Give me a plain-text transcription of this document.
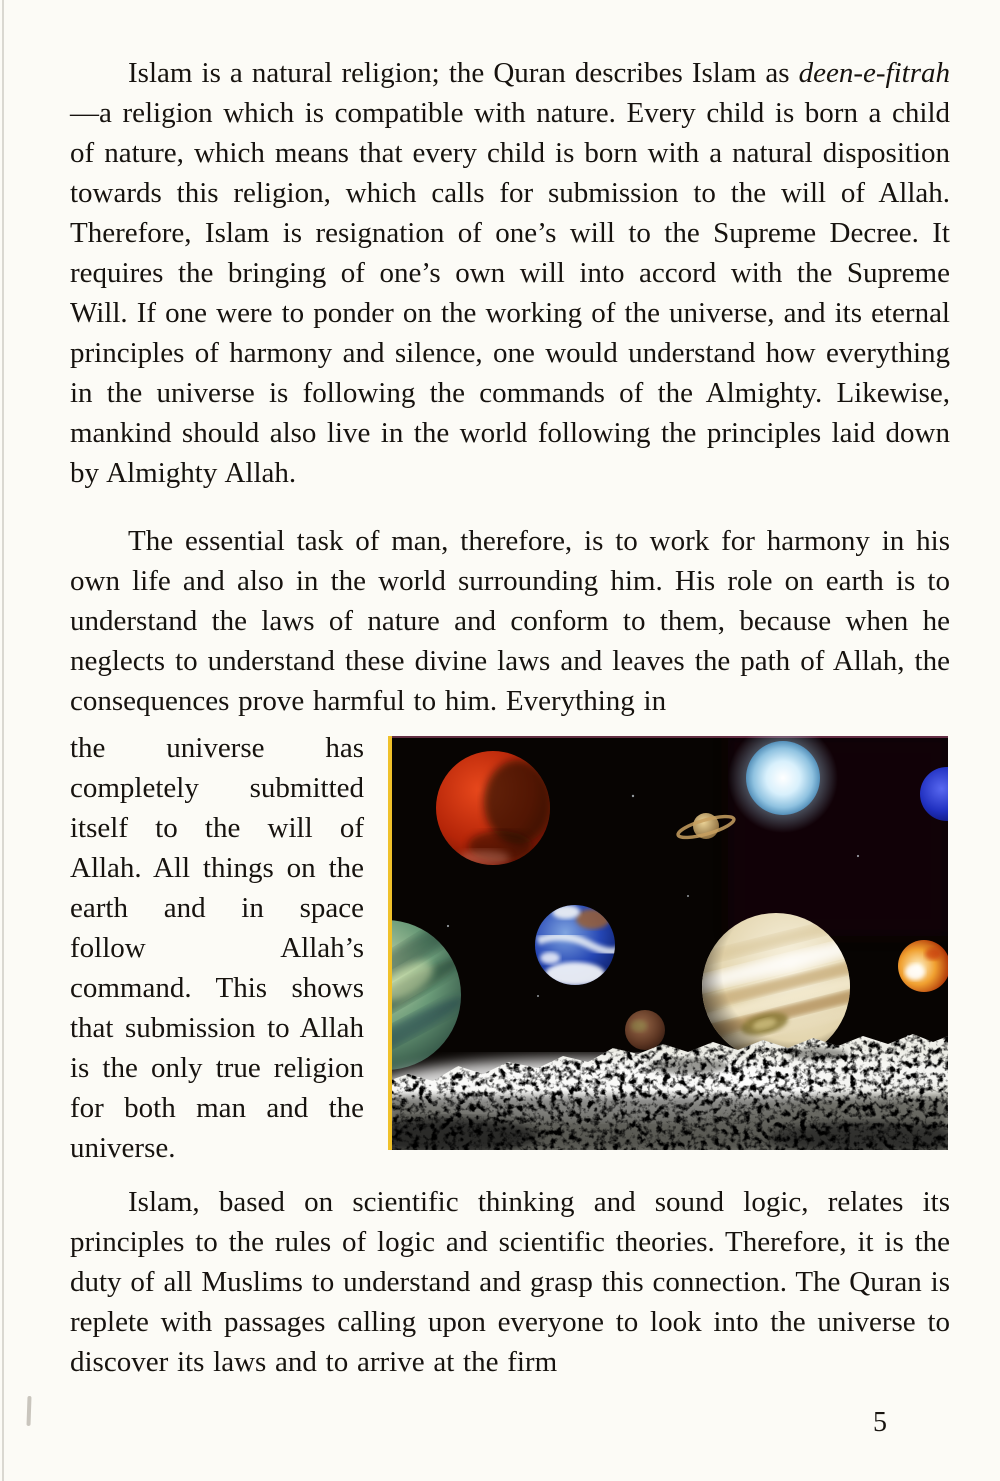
Islam is a natural religion; the Quran describes Islam as deen-e-fitrah—a religion which is compatible with nature. Every child is born a child of nature, which means that every child is born with a natural disposition towards this religion, which calls for submission to the will of Allah. Therefore, Islam is resignation of one’s will to the Supreme Decree. It requires the bringing of one’s own will into accord with the Supreme Will. If one were to ponder on the working of the universe, and its eternal principles of harmony and silence, one would understand how everything in the universe is following the commands of the Almighty. Likewise, mankind should also live in the world following the principles laid down by Almighty Allah.

The essential task of man, therefore, is to work for harmony in his own life and also in the world surrounding him. His role on earth is to understand the laws of nature and conform to them, because when he neglects to understand these divine laws and leaves the path of Allah, the consequences prove harmful to him. Everything in

the universe has completely submitted itself to the will of Allah. All things on the earth and in space follow Allah’s command. This shows that submission to Allah is the only true religion for both man and the universe.

Islam, based on scientific thinking and sound logic, relates its principles to the rules of logic and scientific theories. Therefore, it is the duty of all Muslims to understand and grasp this connection. The Quran is replete with passages calling upon everyone to look into the universe to discover its laws and to arrive at the firm

5
